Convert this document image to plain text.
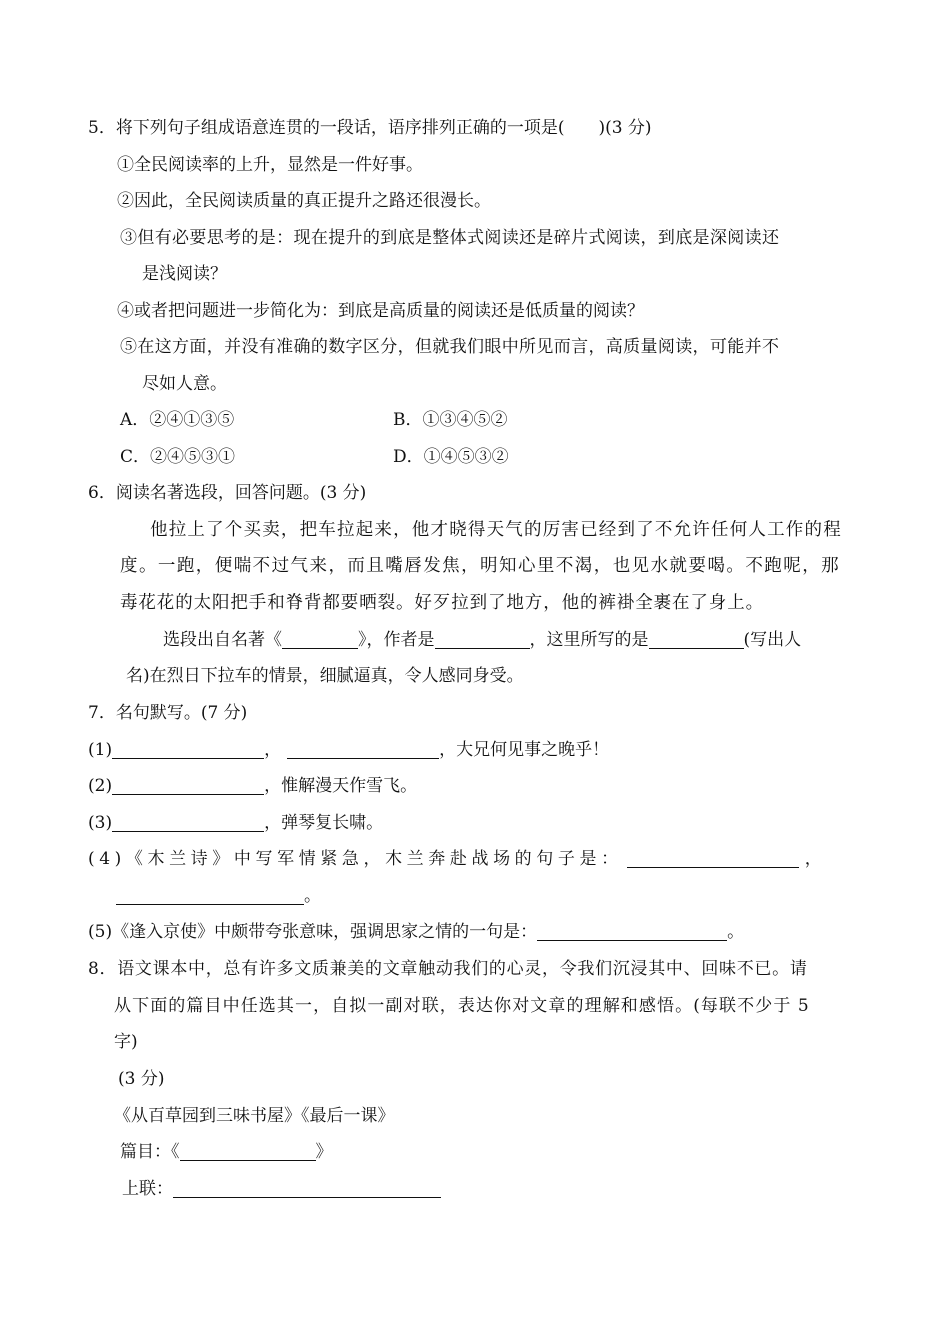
5．将下列句子组成语意连贯的一段话，语序排列正确的一项是(　　)(3 分)
①全民阅读率的上升，显然是一件好事。
②因此，全民阅读质量的真正提升之路还很漫长。
③但有必要思考的是：现在提升的到底是整体式阅读还是碎片式阅读，到底是深阅读还
是浅阅读？
④或者把问题进一步简化为：到底是高质量的阅读还是低质量的阅读？
⑤在这方面，并没有准确的数字区分，但就我们眼中所见而言，高质量阅读，可能并不
尽如人意。
A．②④①③⑤	B．①③④⑤②
C．②④⑤③①	D．①④⑤③②
6．阅读名著选段，回答问题。(3 分)
他拉上了个买卖，把车拉起来，他才晓得天气的厉害已经到了不允许任何人工作的程
度。一跑，便喘不过气来，而且嘴唇发焦，明知心里不渴，也见水就要喝。不跑呢，那
毒花花的太阳把手和脊背都要晒裂。好歹拉到了地方，他的裤褂全裹在了身上。
选段出自名著《	》，作者是	，这里所写的是	(写出人
名)在烈日下拉车的情景，细腻逼真，令人感同身受。
7．名句默写。(7 分)
(1)	，	，大兄何见事之晚乎！
(2)	，惟解漫天作雪飞。
(3)	，弹琴复长啸。
(4)《木兰诗》中写军情紧急，木兰奔赴战场的句子是：	，
。
(5)《逢入京使》中颇带夸张意味，强调思家之情的一句是：	。
8．语文课本中，总有许多文质兼美的文章触动我们的心灵，令我们沉浸其中、回味不已。请
从下面的篇目中任选其一，自拟一副对联，表达你对文章的理解和感悟。(每联不少于 5
字)
(3 分)
《从百草园到三味书屋》《最后一课》
篇目：《	》
上联：
